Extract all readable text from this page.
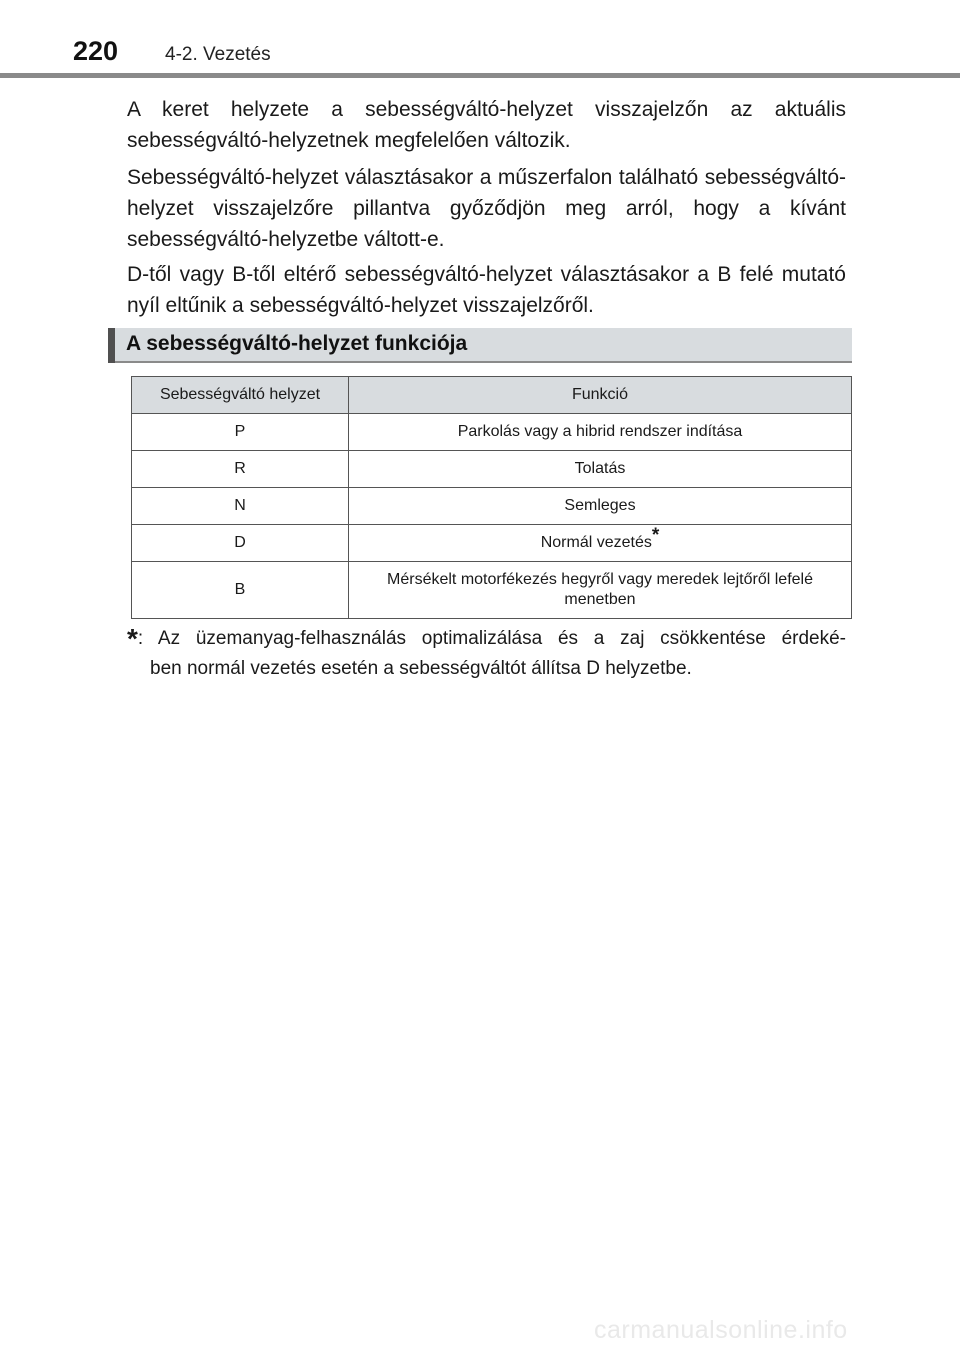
220 4-2. Vezetés

A keret helyzete a sebességváltó-helyzet visszajelzőn az aktuális sebességváltó-helyzetnek megfelelően változik.

Sebességváltó-helyzet választásakor a műszerfalon található sebességváltó-helyzet visszajelzőre pillantva győződjön meg arról, hogy a kívánt sebességváltó-helyzetbe váltott-e.

D-től vagy B-től eltérő sebességváltó-helyzet választásakor a B felé mutató nyíl eltűnik a sebességváltó-helyzet visszajelzőről.

A sebességváltó-helyzet funkciója
Sebességváltó helyzet	Funkció
P	Parkolás vagy a hibrid rendszer indítása
R	Tolatás
N	Semleges
D	Normál vezetés*
B	Mérsékelt motorfékezés hegyről vagy meredek lejtőről lefelé menetben
*: Az üzemanyag-felhasználás optimalizálása és a zaj csökkentése érdeké-
ben normál vezetés esetén a sebességváltót állítsa D helyzetbe.
carmanualsonline.info
